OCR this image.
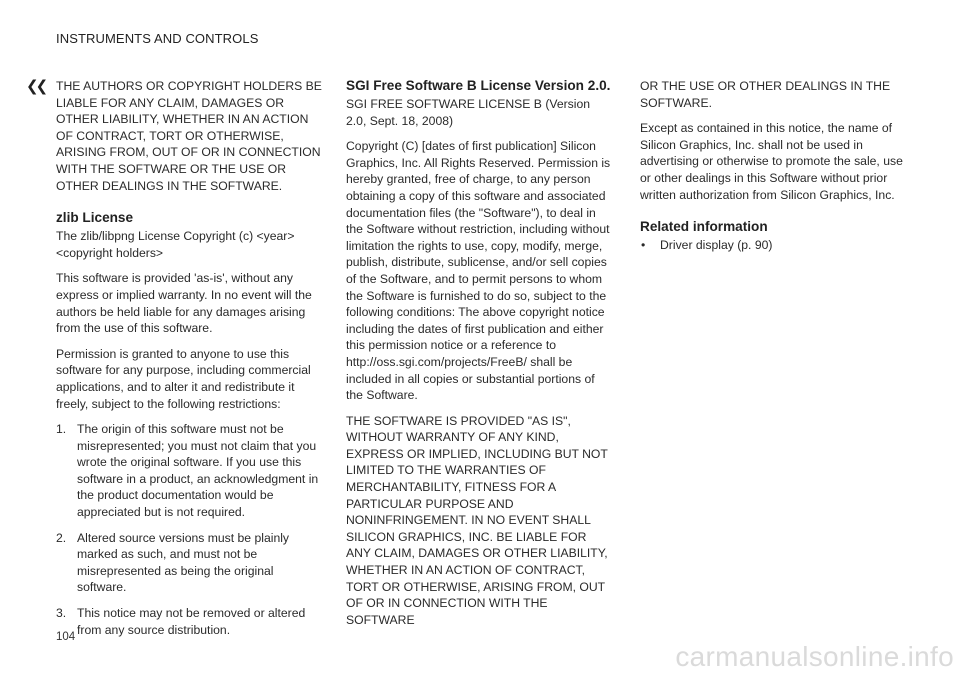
INSTRUMENTS AND CONTROLS
❮❮ THE AUTHORS OR COPYRIGHT HOLDERS BE LIABLE FOR ANY CLAIM, DAMAGES OR OTHER LIABILITY, WHETHER IN AN ACTION OF CONTRACT, TORT OR OTHERWISE, ARISING FROM, OUT OF OR IN CONNECTION WITH THE SOFTWARE OR THE USE OR OTHER DEALINGS IN THE SOFTWARE.

zlib License

The zlib/libpng License Copyright (c) <year> <copyright holders>

This software is provided 'as-is', without any express or implied warranty. In no event will the authors be held liable for any damages arising from the use of this software.

Permission is granted to anyone to use this software for any purpose, including commercial applications, and to alter it and redistribute it freely, subject to the following restrictions:

1. The origin of this software must not be misrepresented; you must not claim that you wrote the original software. If you use this software in a product, an acknowledgment in the product documentation would be appreciated but is not required.
2. Altered source versions must be plainly marked as such, and must not be misrepresented as being the original software.
3. This notice may not be removed or altered from any source distribution.
SGI Free Software B License Version 2.0.

SGI FREE SOFTWARE LICENSE B (Version 2.0, Sept. 18, 2008)

Copyright (C) [dates of first publication] Silicon Graphics, Inc. All Rights Reserved. Permission is hereby granted, free of charge, to any person obtaining a copy of this software and associated documentation files (the "Software"), to deal in the Software without restriction, including without limitation the rights to use, copy, modify, merge, publish, distribute, sublicense, and/or sell copies of the Software, and to permit persons to whom the Software is furnished to do so, subject to the following conditions: The above copyright notice including the dates of first publication and either this permission notice or a reference to http://oss.sgi.com/projects/FreeB/ shall be included in all copies or substantial portions of the Software.

THE SOFTWARE IS PROVIDED "AS IS", WITHOUT WARRANTY OF ANY KIND, EXPRESS OR IMPLIED, INCLUDING BUT NOT LIMITED TO THE WARRANTIES OF MERCHANTABILITY, FITNESS FOR A PARTICULAR PURPOSE AND NONINFRINGEMENT. IN NO EVENT SHALL SILICON GRAPHICS, INC. BE LIABLE FOR ANY CLAIM, DAMAGES OR OTHER LIABILITY, WHETHER IN AN ACTION OF CONTRACT, TORT OR OTHERWISE, ARISING FROM, OUT OF OR IN CONNECTION WITH THE SOFTWARE

OR THE USE OR OTHER DEALINGS IN THE SOFTWARE.

Except as contained in this notice, the name of Silicon Graphics, Inc. shall not be used in advertising or otherwise to promote the sale, use or other dealings in this Software without prior written authorization from Silicon Graphics, Inc.

Related information
• Driver display (p. 90)
104
carmanualsonline.info
